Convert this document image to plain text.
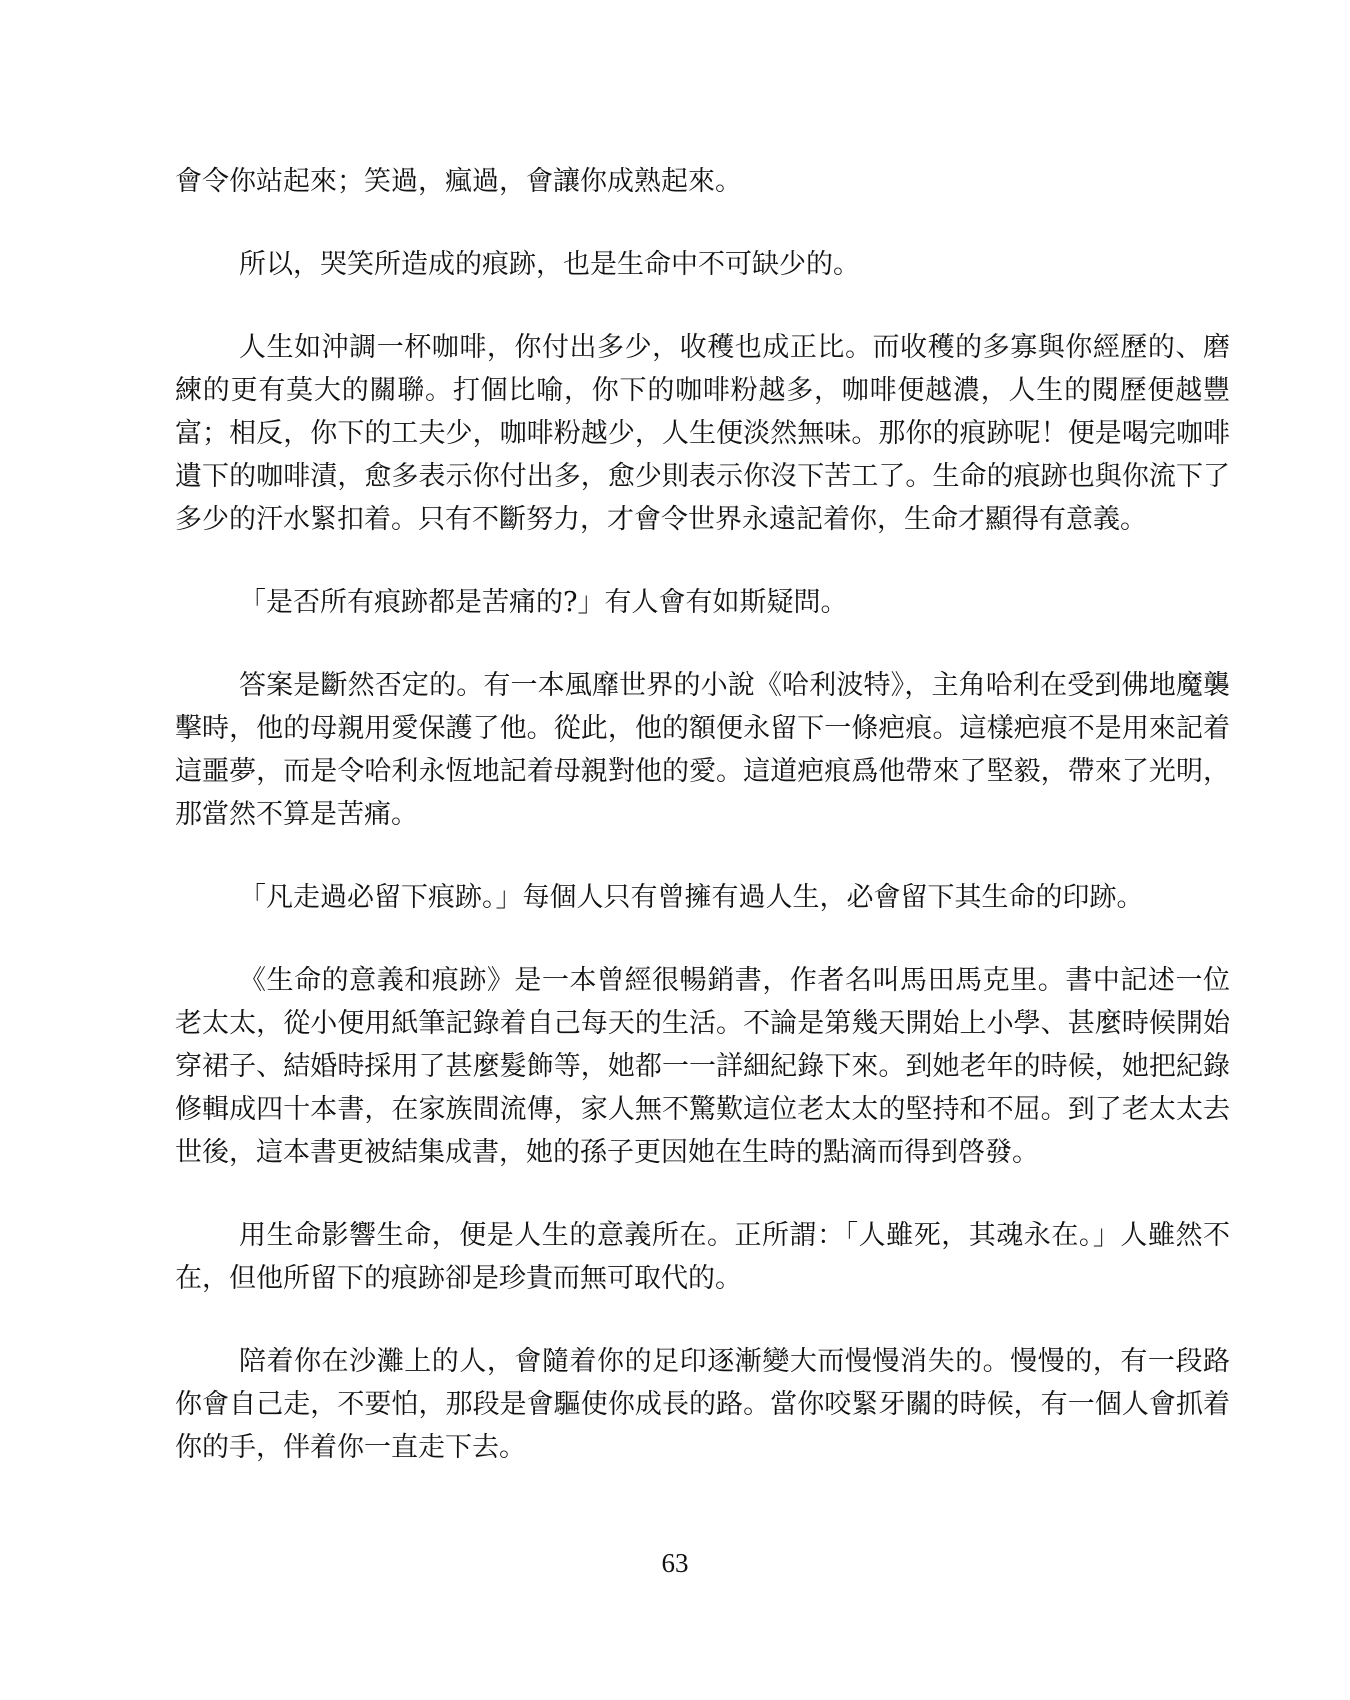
會令你站起來；笑過，瘋過，會讓你成熟起來。

所以，哭笑所造成的痕跡，也是生命中不可缺少的。

人生如沖調一杯咖啡，你付出多少，收穫也成正比。而收穫的多寡與你經歷的、磨練的更有莫大的關聯。打個比喻，你下的咖啡粉越多，咖啡便越濃，人生的閱歷便越豐富；相反，你下的工夫少，咖啡粉越少，人生便淡然無味。那你的痕跡呢！便是喝完咖啡遺下的咖啡漬，愈多表示你付出多，愈少則表示你沒下苦工了。生命的痕跡也與你流下了多少的汗水緊扣着。只有不斷努力，才會令世界永遠記着你，生命才顯得有意義。

「是否所有痕跡都是苦痛的?」有人會有如斯疑問。

答案是斷然否定的。有一本風靡世界的小說《哈利波特》，主角哈利在受到佛地魔襲擊時，他的母親用愛保護了他。從此，他的額便永留下一條疤痕。這樣疤痕不是用來記着這噩夢，而是令哈利永恆地記着母親對他的愛。這道疤痕爲他帶來了堅毅，帶來了光明，那當然不算是苦痛。

「凡走過必留下痕跡。」每個人只有曾擁有過人生，必會留下其生命的印跡。

《生命的意義和痕跡》是一本曾經很暢銷書，作者名叫馬田馬克里。書中記述一位老太太，從小便用紙筆記錄着自己每天的生活。不論是第幾天開始上小學、甚麼時候開始穿裙子、結婚時採用了甚麼髮飾等，她都一一詳細紀錄下來。到她老年的時候，她把紀錄修輯成四十本書，在家族間流傳，家人無不驚歎這位老太太的堅持和不屈。到了老太太去世後，這本書更被結集成書，她的孫子更因她在生時的點滴而得到啓發。

用生命影響生命，便是人生的意義所在。正所謂：「人雖死，其魂永在。」人雖然不在，但他所留下的痕跡卻是珍貴而無可取代的。

陪着你在沙灘上的人，會隨着你的足印逐漸變大而慢慢消失的。慢慢的，有一段路你會自己走，不要怕，那段是會驅使你成長的路。當你咬緊牙關的時候，有一個人會抓着你的手，伴着你一直走下去。

63
